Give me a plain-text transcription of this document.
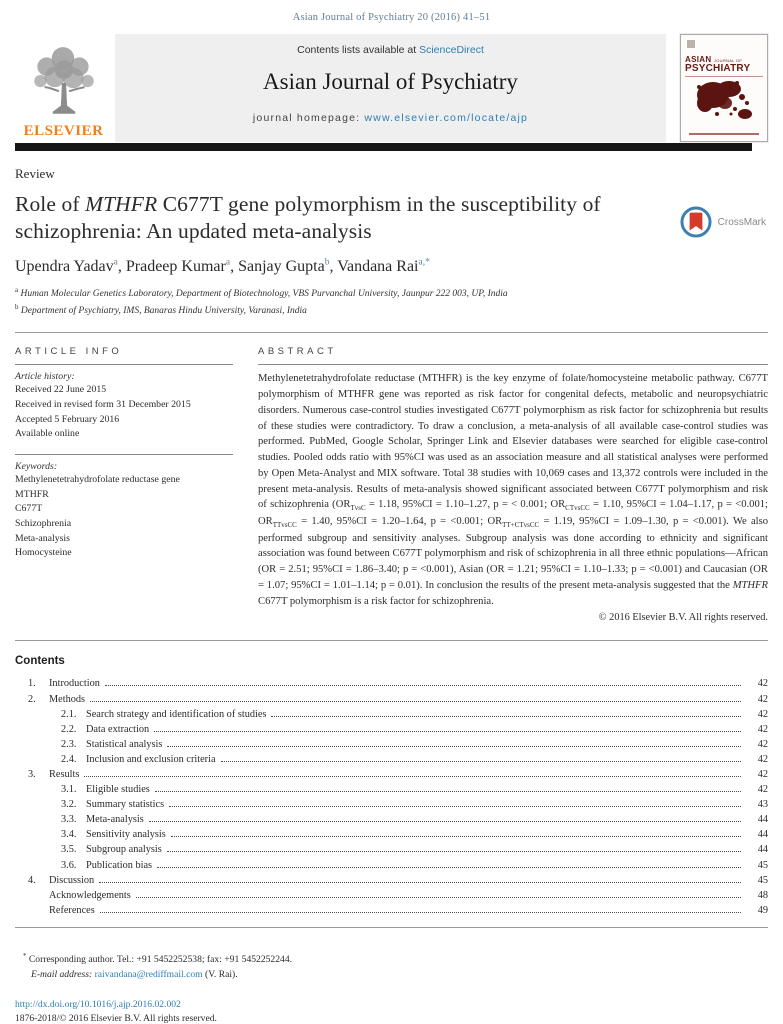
Asian Journal of Psychiatry 20 (2016) 41–51
ELSEVIER
Contents lists available at ScienceDirect
Asian Journal of Psychiatry
journal homepage: www.elsevier.com/locate/ajp
ASIAN JOURNAL OF
PSYCHIATRY
Review
Role of MTHFR C677T gene polymorphism in the susceptibility of schizophrenia: An updated meta-analysis	CrossMark
Upendra Yadav$^a$, Pradeep Kumar$^a$, Sanjay Gupta$^b$, Vandana Rai$^{a,*}$
$^a$ Human Molecular Genetics Laboratory, Department of Biotechnology, VBS Purvanchal University, Jaunpur 222 003, UP, India
$^b$ Department of Psychiatry, IMS, Banaras Hindu University, Varanasi, India
ARTICLE INFO
Article history:
Received 22 June 2015
Received in revised form 31 December 2015
Accepted 5 February 2016
Available online
Keywords:
Methylenetetrahydrofolate reductase gene
MTHFR
C677T
Schizophrenia
Meta-analysis
Homocysteine
ABSTRACT

Methylenetetrahydrofolate reductase (MTHFR) is the key enzyme of folate/homocysteine metabolic pathway. C677T polymorphism of MTHFR gene was reported as risk factor for congenital defects, metabolic and neuropsychiatric disorders. Numerous case-control studies investigated C677T polymorphism as risk factor for schizophrenia but results of these studies were contradictory. To draw a conclusion, a meta-analysis of all available case-control studies was performed. PubMed, Google Scholar, Springer Link and Elsevier databases were searched for eligible case-control studies. Pooled odds ratio with 95%CI was used as an association measure and all statistical analyses were performed by Open Meta-Analyst and MIX software. Total 38 studies with 10,069 cases and 13,372 controls were included in the present meta-analysis. Results of meta-analysis showed significant associated between C677T polymorphism and risk of schizophrenia ($OR_{TvsC} = 1.18$, 95%CI = 1.10–1.27, p = < 0.001; $OR_{CTvsCC} = 1.10$, 95%CI = 1.04–1.17, p = <0.001; $OR_{TTvsCC} = 1.40$, 95%CI = 1.20–1.64, p = <0.001; $OR_{TT+CTvsCC} = 1.19$, 95%CI = 1.09–1.30, p = <0.001). We also performed subgroup and sensitivity analyses. Subgroup analysis was done according to ethnicity and significant association was found between C677T polymorphism and risk of schizophrenia in all three ethnic populations—African (OR = 2.51; 95%CI = 1.86–3.40; p = <0.001), Asian (OR = 1.21; 95%CI = 1.10–1.33; p = <0.001) and Caucasian (OR = 1.07; 95%CI = 1.01–1.14; p = 0.01). In conclusion the results of the present meta-analysis suggested that the MTHFR C677T polymorphism is a risk factor for schizophrenia.

© 2016 Elsevier B.V. All rights reserved.
Contents
1.	Introduction	42
2.	Methods	42
2.1. Search strategy and identification of studies	42
2.2. Data extraction	42
2.3. Statistical analysis	42
2.4. Inclusion and exclusion criteria	42
3.	Results	42
3.1. Eligible studies	42
3.2. Summary statistics	43
3.3. Meta-analysis	44
3.4. Sensitivity analysis	44
3.5. Subgroup analysis	44
3.6. Publication bias	45
4.	Discussion	45
Acknowledgements	48
References	49
* Corresponding author. Tel.: +91 5452252538; fax: +91 5452252244.
E-mail address: raivandana@rediffmail.com (V. Rai).
http://dx.doi.org/10.1016/j.ajp.2016.02.002
1876-2018/© 2016 Elsevier B.V. All rights reserved.
